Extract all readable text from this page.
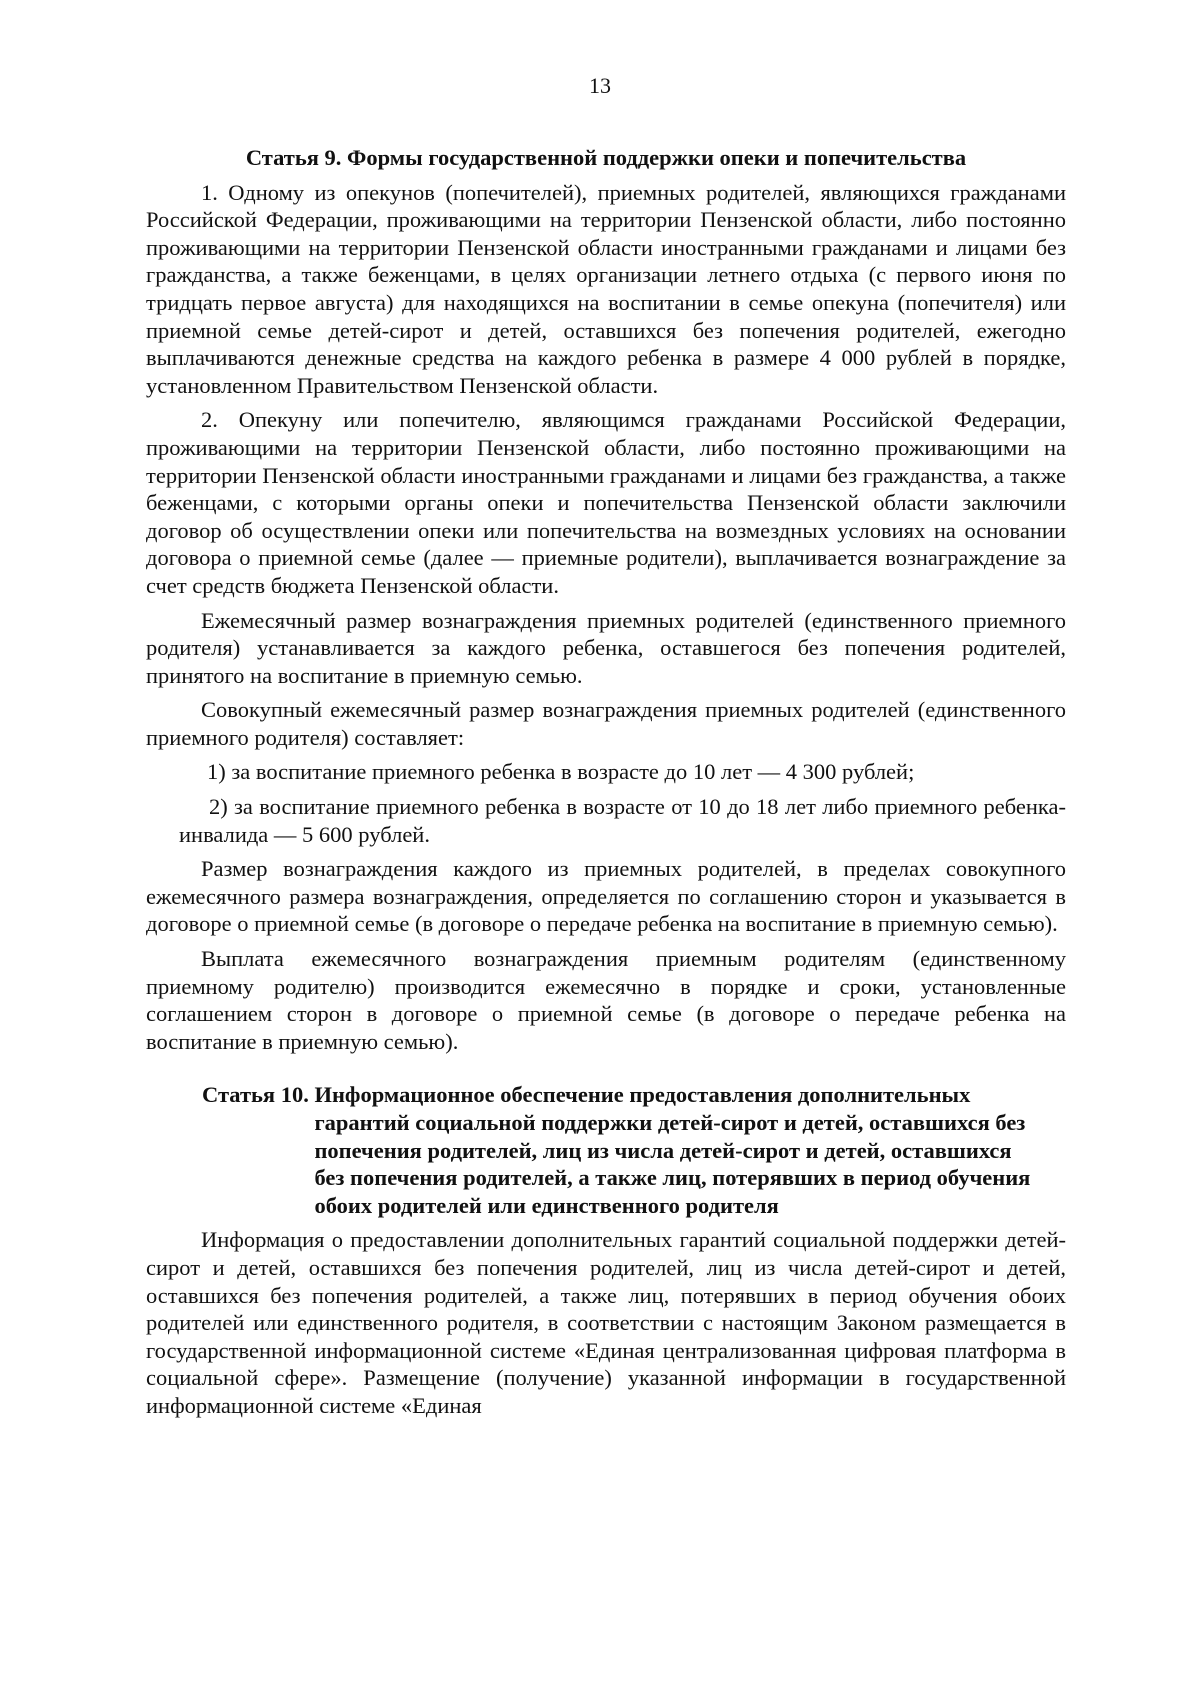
13
Статья 9. Формы государственной поддержки опеки и попечительства

1. Одному из опекунов (попечителей), приемных родителей, являющихся гражданами Российской Федерации, проживающими на территории Пензенской области, либо постоянно проживающими на территории Пензенской области иностранными гражданами и лицами без гражданства, а также беженцами, в целях организации летнего отдыха (с первого июня по тридцать первое августа) для находящихся на воспитании в семье опекуна (попечителя) или приемной семье детей-сирот и детей, оставшихся без попечения родителей, ежегодно выплачиваются денежные средства на каждого ребенка в размере 4 000 рублей в порядке, установленном Правительством Пензенской области.

2. Опекуну или попечителю, являющимся гражданами Российской Федерации, проживающими на территории Пензенской области, либо постоянно проживающими на территории Пензенской области иностранными гражданами и лицами без гражданства, а также беженцами, с которыми органы опеки и попечительства Пензенской области заключили договор об осуществлении опеки или попечительства на возмездных условиях на основании договора о приемной семье (далее — приемные родители), выплачивается вознаграждение за счет средств бюджета Пензенской области.

Ежемесячный размер вознаграждения приемных родителей (единственного приемного родителя) устанавливается за каждого ребенка, оставшегося без попечения родителей, принятого на воспитание в приемную семью.

Совокупный ежемесячный размер вознаграждения приемных родителей (единственного приемного родителя) составляет:

1) за воспитание приемного ребенка в возрасте до 10 лет — 4 300 рублей;

2) за воспитание приемного ребенка в возрасте от 10 до 18 лет либо приемного ребенка-инвалида — 5 600 рублей.

Размер вознаграждения каждого из приемных родителей, в пределах совокупного ежемесячного размера вознаграждения, определяется по соглашению сторон и указывается в договоре о приемной семье (в договоре о передаче ребенка на воспитание в приемную семью).

Выплата ежемесячного вознаграждения приемным родителям (единственному приемному родителю) производится ежемесячно в порядке и сроки, установленные соглашением сторон в договоре о приемной семье (в договоре о передаче ребенка на воспитание в приемную семью).

Статья 10. Информационное обеспечение предоставления дополнительных гарантий социальной поддержки детей-сирот и детей, оставшихся без попечения родителей, лиц из числа детей-сирот и детей, оставшихся без попечения родителей, а также лиц, потерявших в период обучения обоих родителей или единственного родителя

Информация о предоставлении дополнительных гарантий социальной поддержки детей-сирот и детей, оставшихся без попечения родителей, лиц из числа детей-сирот и детей, оставшихся без попечения родителей, а также лиц, потерявших в период обучения обоих родителей или единственного родителя, в соответствии с настоящим Законом размещается в государственной информационной системе «Единая централизованная цифровая платформа в социальной сфере». Размещение (получение) указанной информации в государственной информационной системе «Единая
